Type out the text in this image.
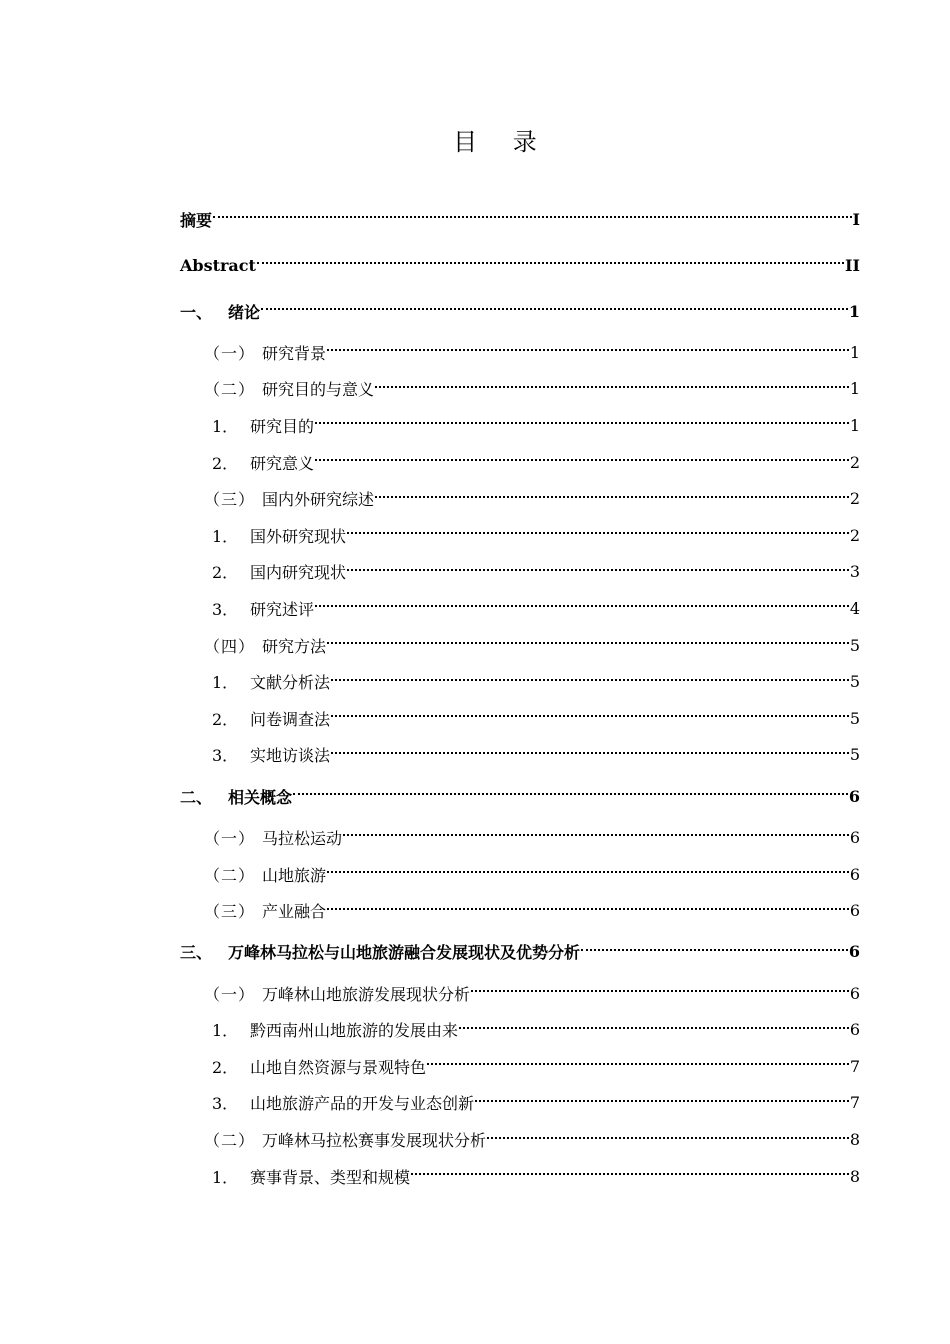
目 录
摘要	I
Abstract	II
一、 绪论	1
（一） 研究背景	1
（二） 研究目的与意义	1
1． 研究目的	1
2． 研究意义	2
（三） 国内外研究综述	2
1． 国外研究现状	2
2． 国内研究现状	3
3． 研究述评	4
（四） 研究方法	5
1． 文献分析法	5
2． 问卷调查法	5
3． 实地访谈法	5
二、 相关概念	6
（一） 马拉松运动	6
（二） 山地旅游	6
（三） 产业融合	6
三、 万峰林马拉松与山地旅游融合发展现状及优势分析	6
（一） 万峰林山地旅游发展现状分析	6
1． 黔西南州山地旅游的发展由来	6
2． 山地自然资源与景观特色	7
3． 山地旅游产品的开发与业态创新	7
（二） 万峰林马拉松赛事发展现状分析	8
1． 赛事背景、类型和规模	8
